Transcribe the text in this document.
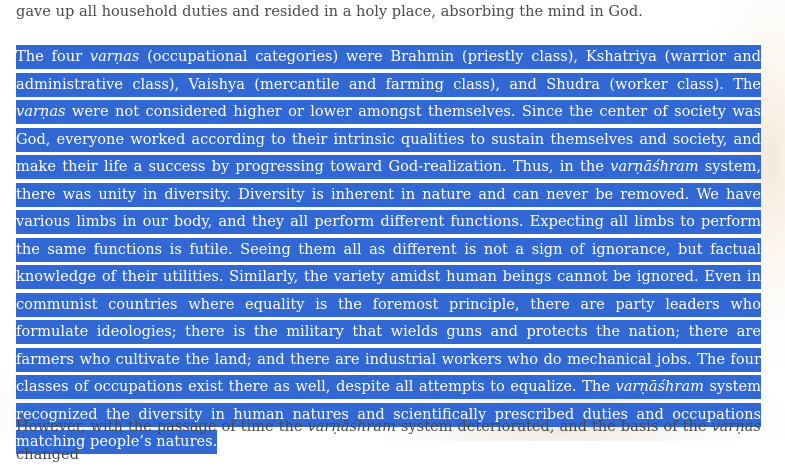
gave up all household duties and resided in a holy place, absorbing the mind in God.

The four varṇas (occupational categories) were Brahmin (priestly class), Kshatriya (warrior and administrative class), Vaishya (mercantile and farming class), and Shudra (worker class). The varṇas were not considered higher or lower amongst themselves. Since the center of society was God, everyone worked according to their intrinsic qualities to sustain themselves and society, and make their life a success by progressing toward God-realization. Thus, in the varṇāśhram system, there was unity in diversity. Diversity is inherent in nature and can never be removed. We have various limbs in our body, and they all perform different functions. Expecting all limbs to perform the same functions is futile. Seeing them all as different is not a sign of ignorance, but factual knowledge of their utilities. Similarly, the variety amidst human beings cannot be ignored. Even in communist countries where equality is the foremost principle, there are party leaders who formulate ideologies; there is the military that wields guns and protects the nation; there are farmers who cultivate the land; and there are industrial workers who do mechanical jobs. The four classes of occupations exist there as well, despite all attempts to equalize. The varṇāśhram system recognized the diversity in human natures and scientifically prescribed duties and occupations matching people’s natures.

However, with the passage of time the varṇāśhram system deteriorated, and the basis of the varṇas changed
